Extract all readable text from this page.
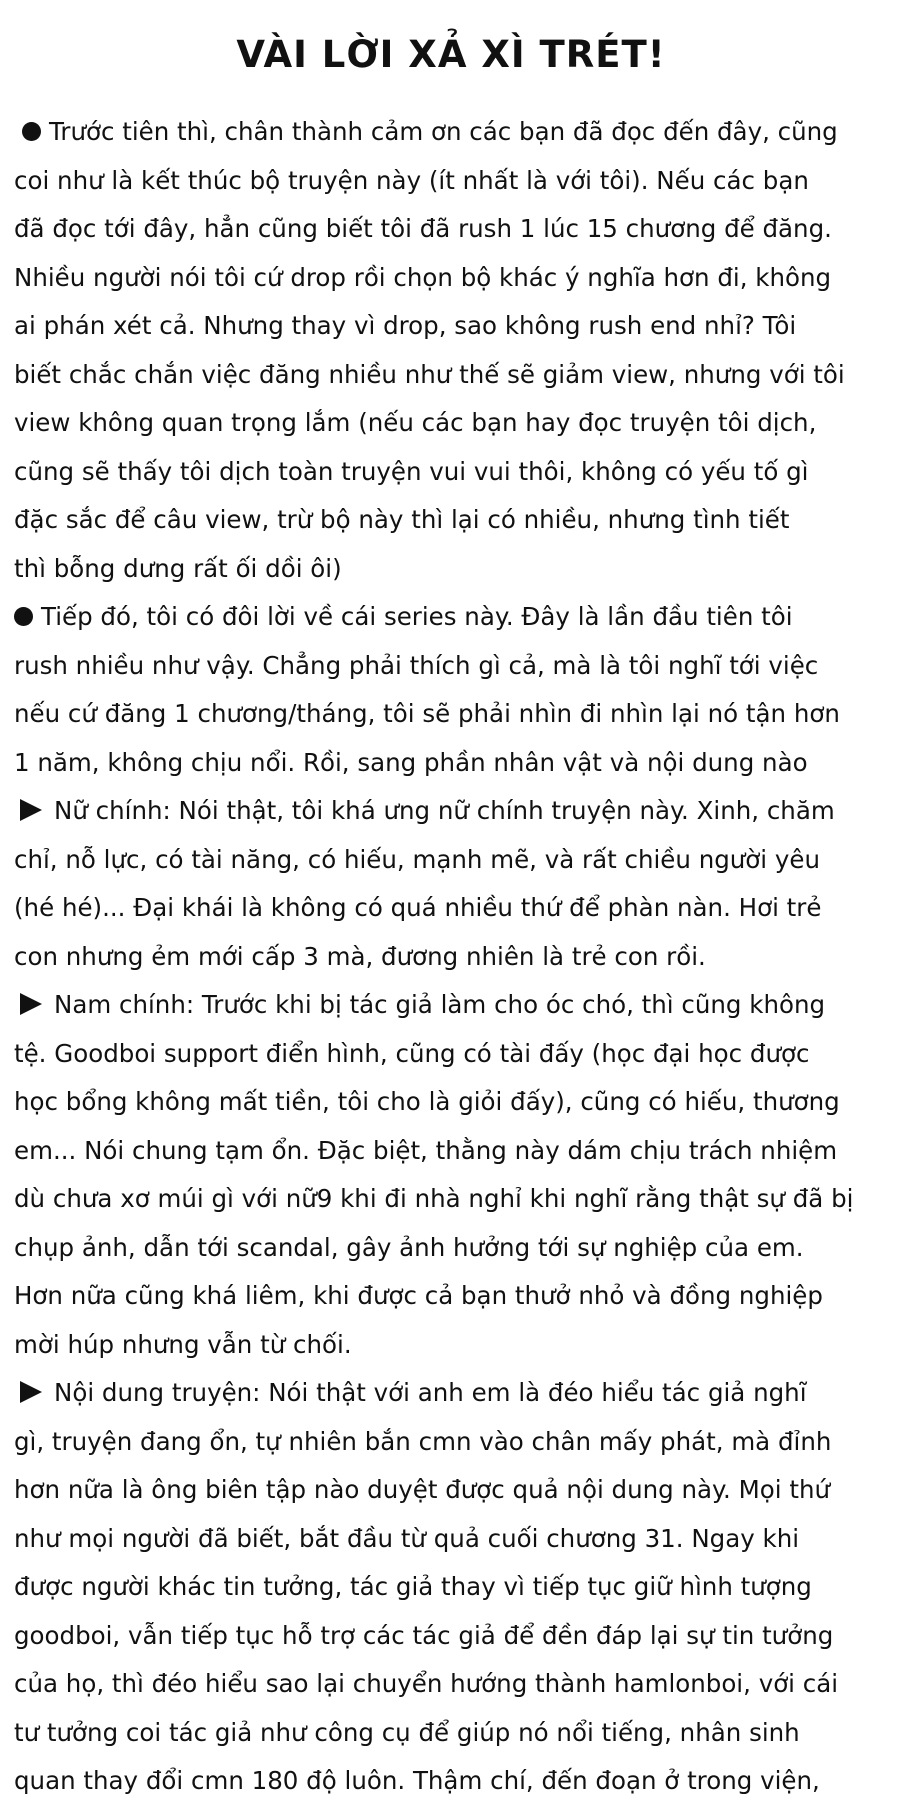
VÀI LỜI XẢ XÌ TRÉT!
Trước tiên thì, chân thành cảm ơn các bạn đã đọc đến đây, cũng
coi như là kết thúc bộ truyện này (ít nhất là với tôi). Nếu các bạn
đã đọc tới đây, hẳn cũng biết tôi đã rush 1 lúc 15 chương để đăng.
Nhiều người nói tôi cứ drop rồi chọn bộ khác ý nghĩa hơn đi, không
ai phán xét cả. Nhưng thay vì drop, sao không rush end nhỉ? Tôi
biết chắc chắn việc đăng nhiều như thế sẽ giảm view, nhưng với tôi
view không quan trọng lắm (nếu các bạn hay đọc truyện tôi dịch,
cũng sẽ thấy tôi dịch toàn truyện vui vui thôi, không có yếu tố gì
đặc sắc để câu view, trừ bộ này thì lại có nhiều, nhưng tình tiết
thì bỗng dưng rất ối dồi ôi)
Tiếp đó, tôi có đôi lời về cái series này. Đây là lần đầu tiên tôi
rush nhiều như vậy. Chẳng phải thích gì cả, mà là tôi nghĩ tới việc
nếu cứ đăng 1 chương/tháng, tôi sẽ phải nhìn đi nhìn lại nó tận hơn
1 năm, không chịu nổi. Rồi, sang phần nhân vật và nội dung nào
Nữ chính: Nói thật, tôi khá ưng nữ chính truyện này. Xinh, chăm
chỉ, nỗ lực, có tài năng, có hiếu, mạnh mẽ, và rất chiều người yêu
(hé hé)... Đại khái là không có quá nhiều thứ để phàn nàn. Hơi trẻ
con nhưng ẻm mới cấp 3 mà, đương nhiên là trẻ con rồi.
Nam chính: Trước khi bị tác giả làm cho óc chó, thì cũng không
tệ. Goodboi support điển hình, cũng có tài đấy (học đại học được
học bổng không mất tiền, tôi cho là giỏi đấy), cũng có hiếu, thương
em... Nói chung tạm ổn. Đặc biệt, thằng này dám chịu trách nhiệm
dù chưa xơ múi gì với nữ9 khi đi nhà nghỉ khi nghĩ rằng thật sự đã bị
chụp ảnh, dẫn tới scandal, gây ảnh hưởng tới sự nghiệp của em.
Hơn nữa cũng khá liêm, khi được cả bạn thưở nhỏ và đồng nghiệp
mời húp nhưng vẫn từ chối.
Nội dung truyện: Nói thật với anh em là đéo hiểu tác giả nghĩ
gì, truyện đang ổn, tự nhiên bắn cmn vào chân mấy phát, mà đỉnh
hơn nữa là ông biên tập nào duyệt được quả nội dung này. Mọi thứ
như mọi người đã biết, bắt đầu từ quả cuối chương 31. Ngay khi
được người khác tin tưởng, tác giả thay vì tiếp tục giữ hình tượng
goodboi, vẫn tiếp tục hỗ trợ các tác giả để đền đáp lại sự tin tưởng
của họ, thì đéo hiểu sao lại chuyển hướng thành hamlonboi, với cái
tư tưởng coi tác giả như công cụ để giúp nó nổi tiếng, nhân sinh
quan thay đổi cmn 180 độ luôn. Thậm chí, đến đoạn ở trong viện,
